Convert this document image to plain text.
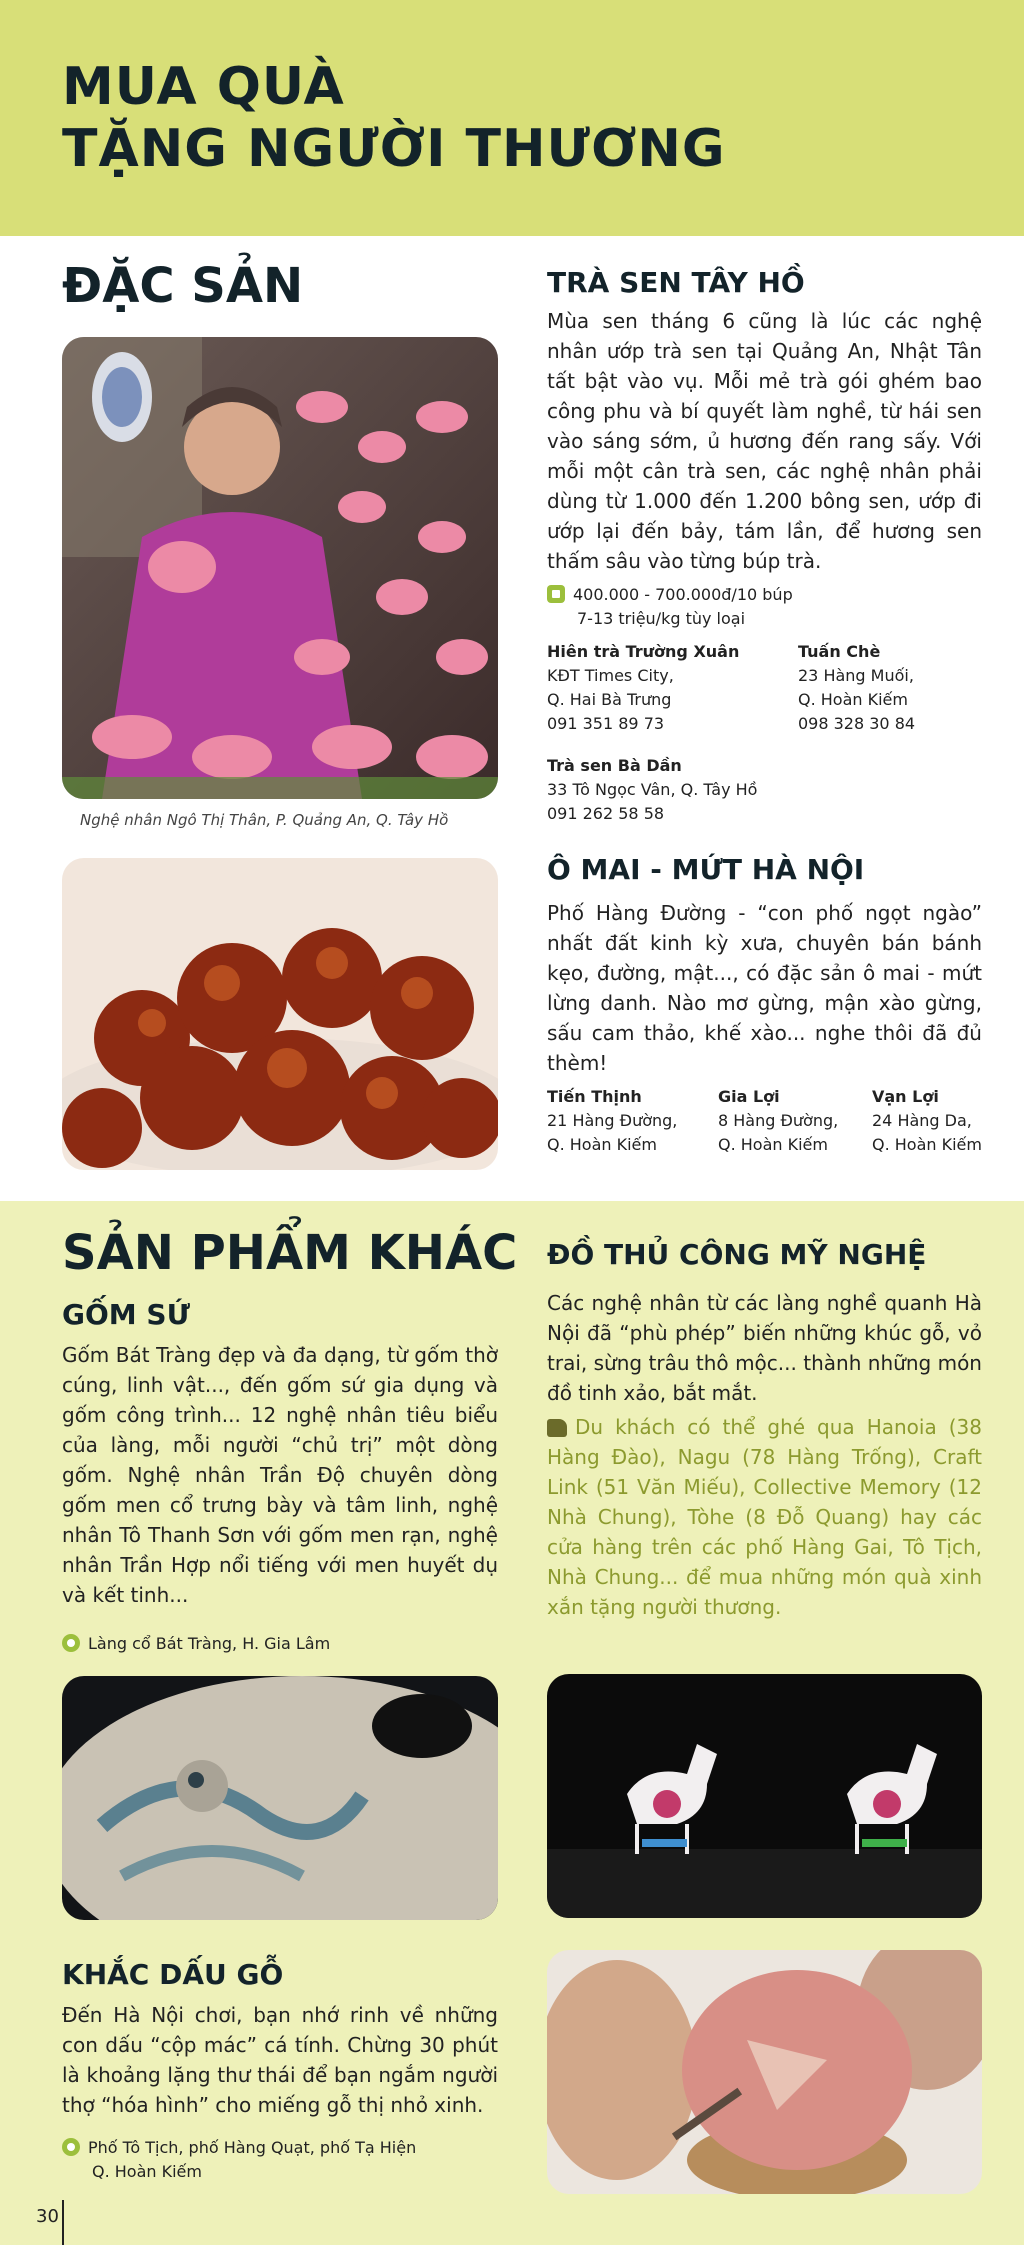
MUA QUÀ
TẶNG NGƯỜI THƯƠNG
ĐẶC SẢN
Nghệ nhân Ngô Thị Thân, P. Quảng An, Q. Tây Hồ
TRÀ SEN TÂY HỒ
Mùa sen tháng 6 cũng là lúc các nghệ nhân ướp trà sen tại Quảng An, Nhật Tân tất bật vào vụ. Mỗi mẻ trà gói ghém bao công phu và bí quyết làm nghề, từ hái sen vào sáng sớm, ủ hương đến rang sấy. Với mỗi một cân trà sen, các nghệ nhân phải dùng từ 1.000 đến 1.200 bông sen, ướp đi ướp lại đến bảy, tám lần, để hương sen thấm sâu vào từng búp trà.
400.000 - 700.000đ/10 búp
7-13 triệu/kg tùy loại
Hiên trà Trường Xuân
KĐT Times City,
Q. Hai Bà Trưng
091 351 89 73
Tuấn Chè
23 Hàng Muối,
Q. Hoàn Kiếm
098 328 30 84
Trà sen Bà Dần
33 Tô Ngọc Vân, Q. Tây Hồ
091 262 58 58
Ô MAI - MỨT HÀ NỘI
Phố Hàng Đường - “con phố ngọt ngào” nhất đất kinh kỳ xưa, chuyên bán bánh kẹo, đường, mật..., có đặc sản ô mai - mứt lừng danh. Nào mơ gừng, mận xào gừng, sấu cam thảo, khế xào... nghe thôi đã đủ thèm!
Tiến Thịnh
21 Hàng Đường,
Q. Hoàn Kiếm
Gia Lợi
8 Hàng Đường,
Q. Hoàn Kiếm
Vạn Lợi
24 Hàng Da,
Q. Hoàn Kiếm
SẢN PHẨM KHÁC
GỐM SỨ
Gốm Bát Tràng đẹp và đa dạng, từ gốm thờ cúng, linh vật..., đến gốm sứ gia dụng và gốm công trình... 12 nghệ nhân tiêu biểu của làng, mỗi người “chủ trị” một dòng gốm. Nghệ nhân Trần Độ chuyên dòng gốm men cổ trưng bày và tâm linh, nghệ nhân Tô Thanh Sơn với gốm men rạn, nghệ nhân Trần Hợp nổi tiếng với men huyết dụ và kết tinh...
Làng cổ Bát Tràng, H. Gia Lâm
KHẮC DẤU GỖ
Đến Hà Nội chơi, bạn nhớ rinh về những con dấu “cộp mác” cá tính. Chừng 30 phút là khoảng lặng thư thái để bạn ngắm người thợ “hóa hình” cho miếng gỗ thị nhỏ xinh.
Phố Tô Tịch, phố Hàng Quạt, phố Tạ Hiện
Q. Hoàn Kiếm
ĐỒ THỦ CÔNG MỸ NGHỆ
Các nghệ nhân từ các làng nghề quanh Hà Nội đã “phù phép” biến những khúc gỗ, vỏ trai, sừng trâu thô mộc... thành những món đồ tinh xảo, bắt mắt.
Du khách có thể ghé qua Hanoia (38 Hàng Đào), Nagu (78 Hàng Trống), Craft Link (51 Văn Miếu), Collective Memory (12 Nhà Chung), Tòhe (8 Đỗ Quang) hay các cửa hàng trên các phố Hàng Gai, Tô Tịch, Nhà Chung... để mua những món quà xinh xắn tặng người thương.
30
